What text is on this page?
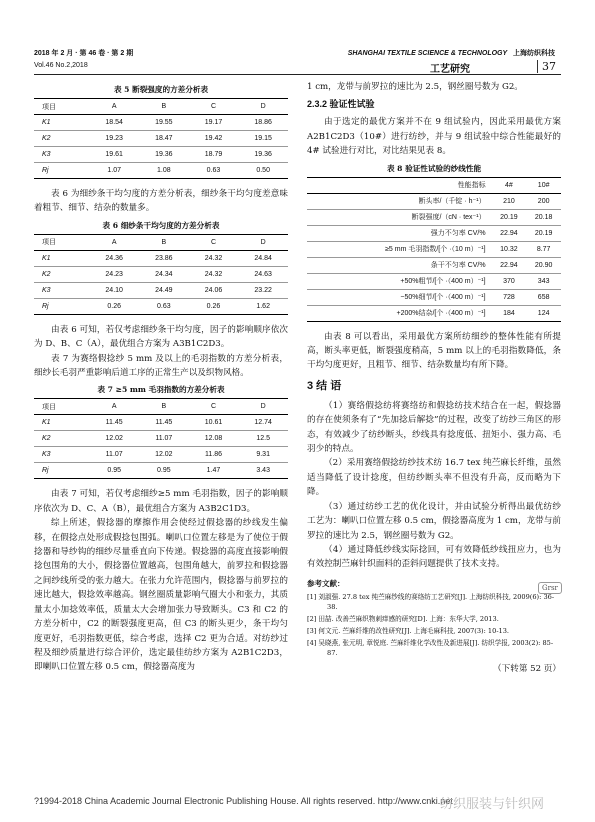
2018 年 2 月 · 第 46 卷 · 第 2 期
Vol.46 No.2,2018
SHANGHAI TEXTILE SCIENCE & TECHNOLOGY 上海纺织科技
工艺研究	37
表 5 断裂强度的方差分析表
项目	A	B	C	D
K1	18.54	19.55	19.17	18.86
K2	19.23	18.47	19.42	19.15
K3	19.61	19.36	18.79	19.36
Rj	1.07	1.08	0.63	0.50

表 6 为细纱条干均匀度的方差分析表，细纱条干均匀度差意味着粗节、细节、结杂的数量多。

表 6 细纱条干均匀度的方差分析表
项目	A	B	C	D
K1	24.36	23.86	24.32	24.84
K2	24.23	24.34	24.32	24.63
K3	24.10	24.49	24.06	23.22
Rj	0.26	0.63	0.26	1.62

由表 6 可知，若仅考虑细纱条干均匀度，因子的影响顺序依次为 D、B、C（A），最优组合方案为 A3B1C2D3。

表 7 为赛络假捻纱 5 mm 及以上的毛羽指数的方差分析表，细纱长毛羽严重影响后道工序的正常生产以及织物风格。

表 7 ≥5 mm 毛羽指数的方差分析表
项目	A	B	C	D
K1	11.45	11.45	10.61	12.74
K2	12.02	11.07	12.08	12.5
K3	11.07	12.02	11.86	9.31
Rj	0.95	0.95	1.47	3.43

由表 7 可知，若仅考虑细纱≥5 mm 毛羽指数，因子的影响顺序依次为 D、C、A（B），最优组合方案为 A3B2C1D3。

综上所述，假捻器的摩擦作用会使经过假捻器的纱线发生偏移，在假捻点处形成假捻包围弧。喇叭口位置左移是为了使位于假捻器和导纱钩的细纱尽量垂直向下传递。假捻器的高度直接影响假捻包围角的大小，假捻器位置越高，包围角越大，前罗拉和假捻器之间纱线所受的张力越大。在张力允许范围内，假捻器与前罗拉的速比越大，假捻效率越高。钢丝圈质量影响气圈大小和张力，其质量太小加捻效率低，质量太大会增加张力导致断头。C3 和 C2 的方差分析中，C2 的断裂强度更高，但 C3 的断头更少，条干均匀度更好，毛羽指数更低，综合考虑，选择 C2 更为合适。对纺纱过程及细纱质量进行综合评价，选定最佳纺纱方案为 A2B1C2D3，即喇叭口位置左移 0.5 cm，假捻器高度为

1 cm，龙带与前罗拉的速比为 2.5，钢丝圈号数为 G2。

2.3.2 验证性试验

由于选定的最优方案并不在 9 组试验内，因此采用最优方案 A2B1C2D3（10#）进行纺纱，并与 9 组试验中综合性能最好的 4# 试验进行对比，对比结果见表 8。

表 8 验证性试验的纱线性能
性能指标	4#	10#
断头率/（千锭 · h⁻¹）	210	200
断裂强度/（cN · tex⁻¹）	20.19	20.18
强力不匀率 CV/%	22.94	20.19
≥5 mm 毛羽指数/[个 ·（10 m）⁻¹]	10.32	8.77
条干不匀率 CV/%	22.94	20.90
+50%粗节/[个 ·（400 m）⁻¹]	370	343
−50%细节/[个 ·（400 m）⁻¹]	728	658
+200%结杂/[个 ·（400 m）⁻¹]	184	124

由表 8 可以看出，采用最优方案所纺细纱的整体性能有所提高，断头率更低，断裂强度稍高，5 mm 以上的毛羽指数降低，条干均匀度更好，且粗节、细节、结杂数量均有所下降。

3 结 语

（1）赛络假捻纺将赛络纺和假捻纺技术结合在一起，假捻器的存在使须条有了“先加捻后解捻”的过程，改变了纺纱三角区的形态，有效减少了纺纱断头，纱线具有捻度低、扭矩小、强力高、毛羽少的特点。

（2）采用赛络假捻纺纱技术纺 16.7 tex 纯苎麻长纤维，虽然适当降低了设计捻度，但纺纱断头率不但没有升高，反而略为下降。

（3）通过纺纱工艺的优化设计，并由试验分析得出最优纺纱工艺为：喇叭口位置左移 0.5 cm，假捻器高度为 1 cm，龙带与前罗拉的速比为 2.5，钢丝圈号数为 G2。

（4）通过降低纱线实际捻回，可有效降低纱线扭应力，也为有效控制苎麻针织面料的歪斜问题提供了技术支持。

参考文献：
[1] 刘淑强. 27.8 tex 纯苎麻纱线的赛络纺工艺研究[J]. 上海纺织科技, 2009(6): 36-38.
[2] 田喆. 改善苎麻织物刺痒感的研究[D]. 上海：东华大学, 2013.
[3] 何文元. 苎麻纤维的改性研究[J]. 上海毛麻科技, 2007(3): 10-13.
[4] 吴晓燕, 张元明, 章悦庭. 苎麻纤维化学改性及新进展[J]. 纺织学报, 2003(2): 85-87.
（下转第 52 页）
Grsr
?1994-2018 China Academic Journal Electronic Publishing House. All rights reserved. http://www.cnki.net
纺织服装与针织网
